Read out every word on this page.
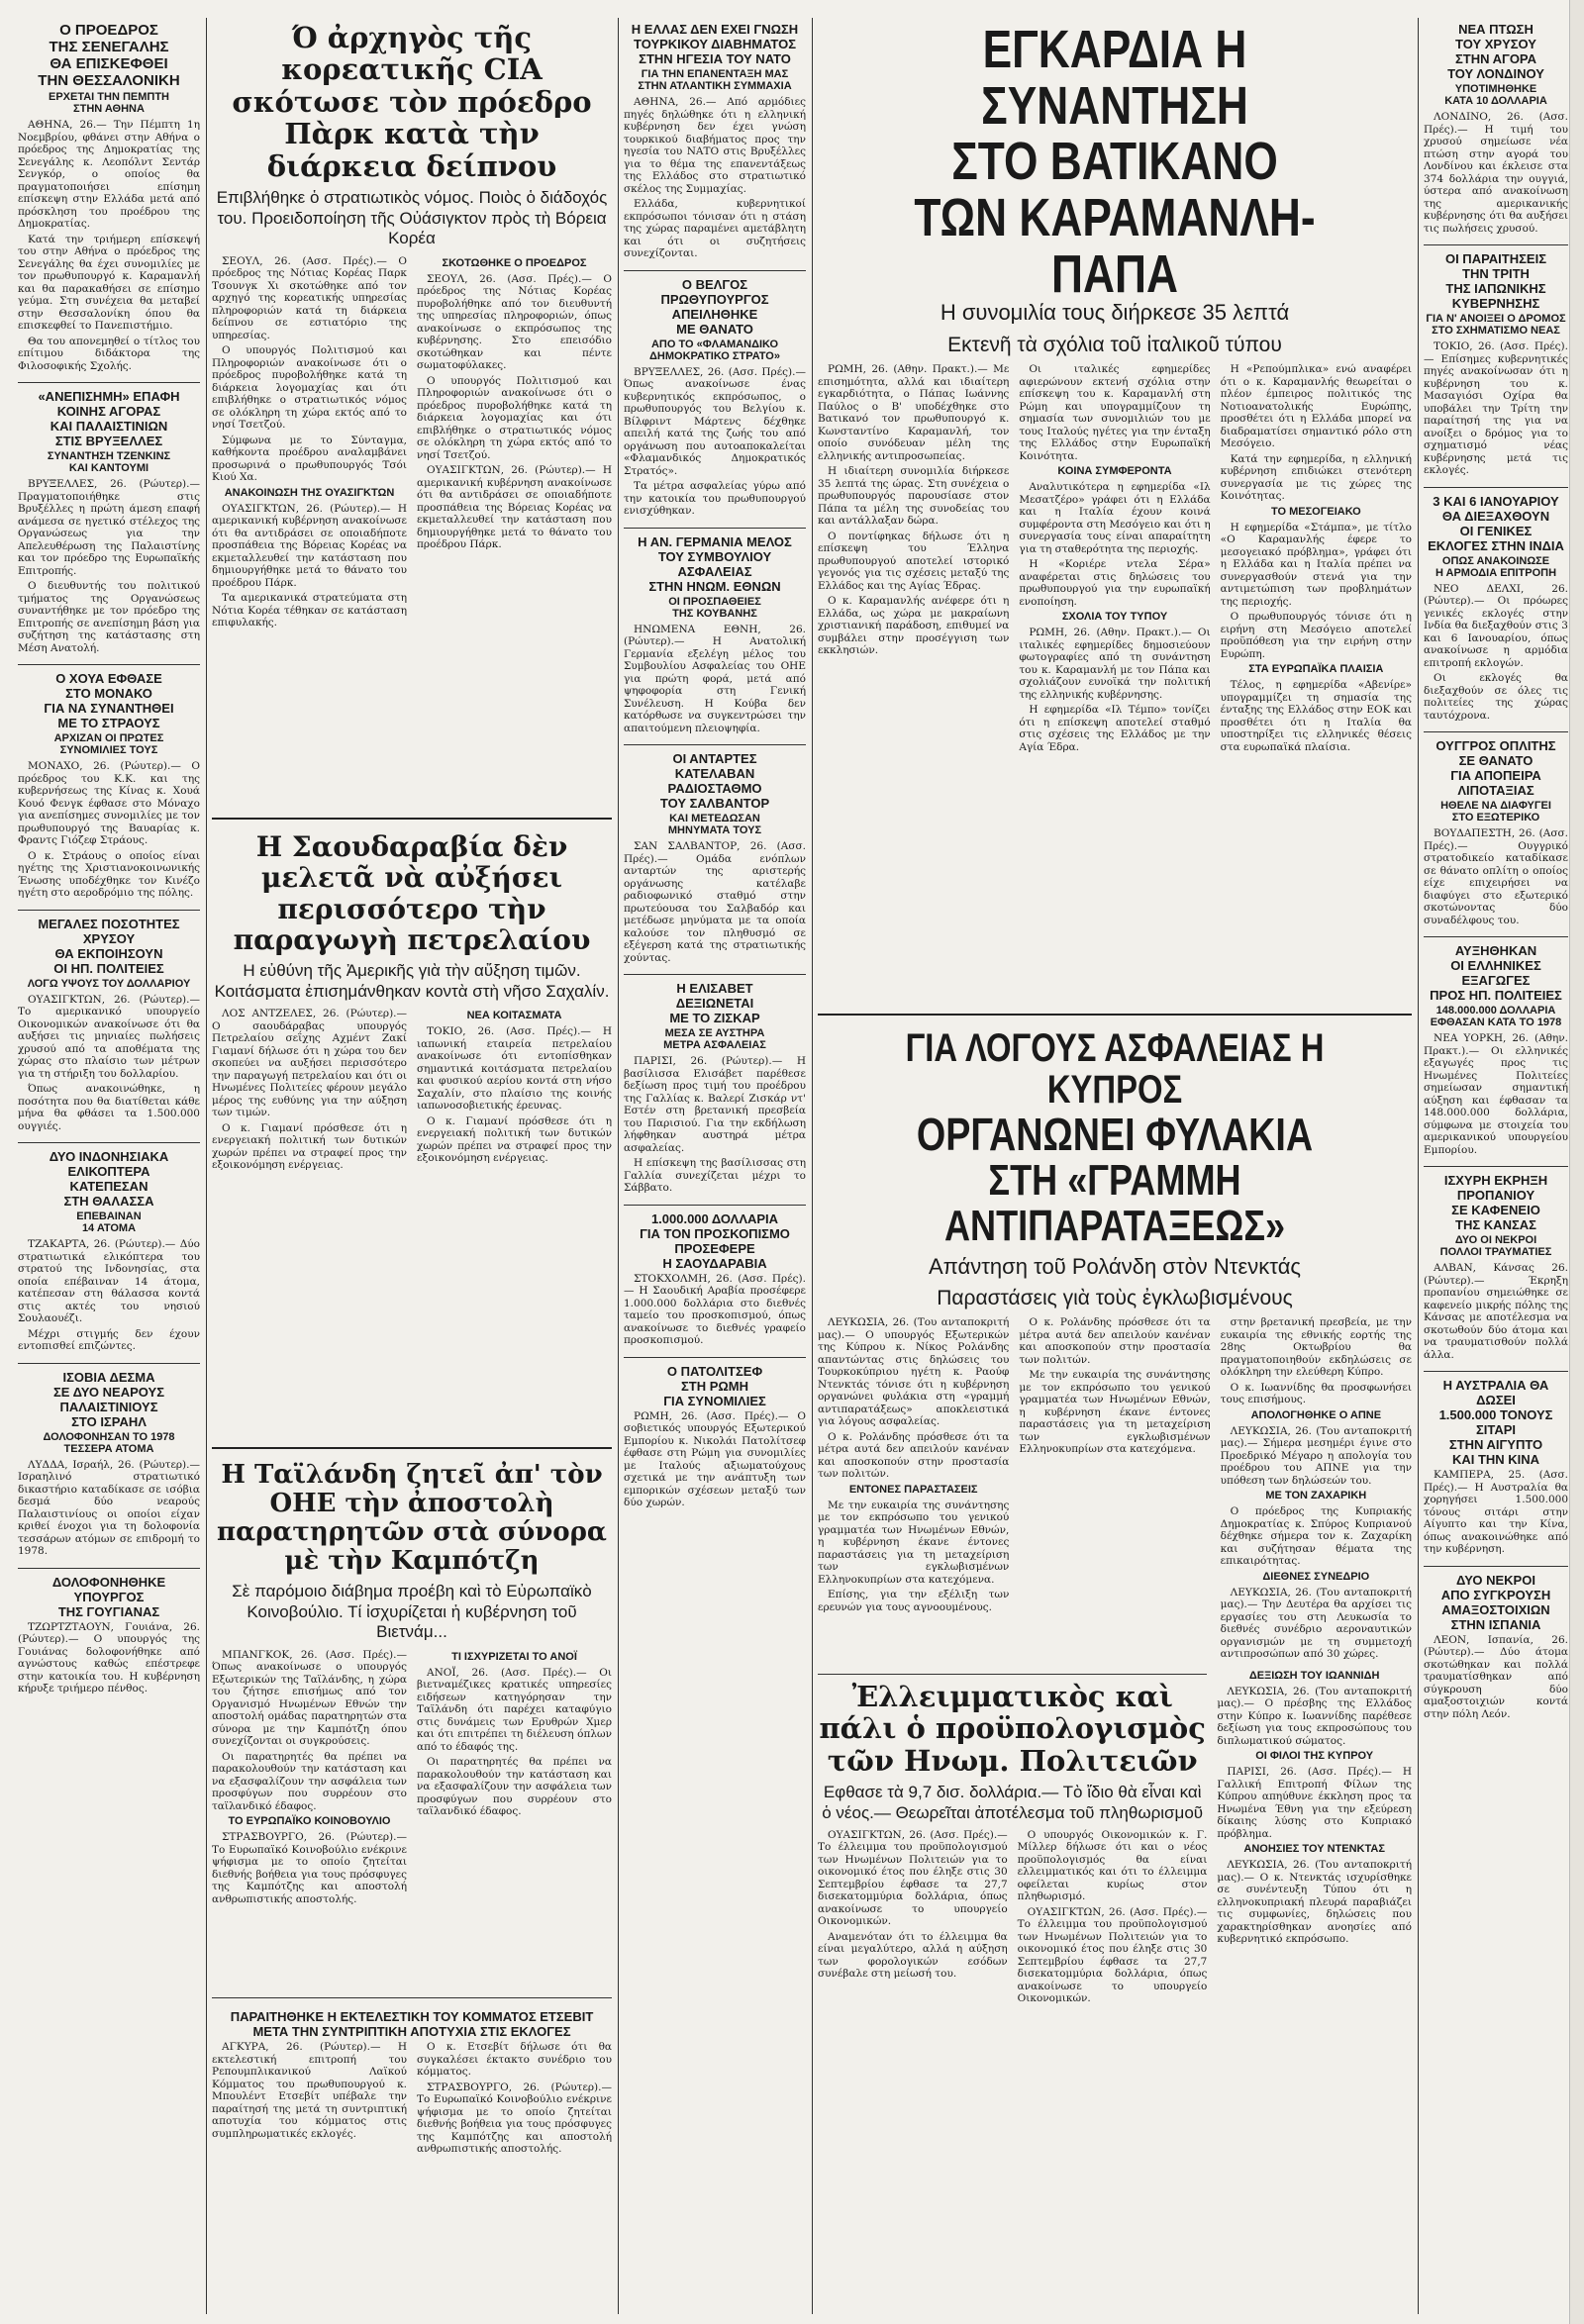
Ο ΠΡΟΕΔΡΟΣ
ΤΗΣ ΣΕΝΕΓΑΛΗΣ
ΘΑ ΕΠΙΣΚΕΦΘΕΙ
ΤΗΝ ΘΕΣΣΑΛΟΝΙΚΗ
ΕΡΧΕΤΑΙ ΤΗΝ ΠΕΜΠΤΗ
ΣΤΗΝ ΑΘΗΝΑ

ΑΘΗΝΑ, 26.— Την Πέμπτη 1η Νοεμβρίου, φθάνει στην Αθήνα ο πρόεδρος της Δημοκρατίας της Σενεγάλης κ. Λεοπόλντ Σεντάρ Σενγκόρ, ο οποίος θα πραγματοποιήσει επίσημη επίσκεψη στην Ελλάδα μετά από πρόσκληση του προέδρου της Δημοκρατίας.

Κατά την τριήμερη επίσκεψή του στην Αθήνα ο πρόεδρος της Σενεγάλης θα έχει συνομιλίες με τον πρωθυπουργό κ. Καραμανλή και θα παρακαθήσει σε επίσημο γεύμα. Στη συνέχεια θα μεταβεί στην Θεσσαλονίκη όπου θα επισκεφθεί το Πανεπιστήμιο.

Θα του απονεμηθεί ο τίτλος του επίτιμου διδάκτορα της Φιλοσοφικής Σχολής.

«ΑΝΕΠΙΣΗΜΗ» ΕΠΑΦΗ
ΚΟΙΝΗΣ ΑΓΟΡΑΣ
ΚΑΙ ΠΑΛΑΙΣΤΙΝΙΩΝ
ΣΤΙΣ ΒΡΥΞΕΛΛΕΣ
ΣΥΝΑΝΤΗΣΗ ΤΖΕΝΚΙΝΣ
ΚΑΙ ΚΑΝΤΟΥΜΙ

ΒΡΥΞΕΛΛΕΣ, 26. (Ρώυτερ).— Πραγματοποιήθηκε στις Βρυξέλλες η πρώτη άμεση επαφή ανάμεσα σε ηγετικό στέλεχος της Οργανώσεως για την Απελευθέρωση της Παλαιστίνης και τον πρόεδρο της Ευρωπαϊκής Επιτροπής.

Ο διευθυντής του πολιτικού τμήματος της Οργανώσεως συναντήθηκε με τον πρόεδρο της Επιτροπής σε ανεπίσημη βάση για συζήτηση της κατάστασης στη Μέση Ανατολή.

Ο ΧΟΥΑ ΕΦΘΑΣΕ
ΣΤΟ ΜΟΝΑΚΟ
ΓΙΑ ΝΑ ΣΥΝΑΝΤΗΘΕΙ
ΜΕ ΤΟ ΣΤΡΑΟΥΣ
ΑΡΧΙΖΑΝ ΟΙ ΠΡΩΤΕΣ
ΣΥΝΟΜΙΛΙΕΣ ΤΟΥΣ

ΜΟΝΑΧΟ, 26. (Ρώυτερ).— Ο πρόεδρος του Κ.Κ. και της κυβερνήσεως της Κίνας κ. Χουά Κουό Φενγκ έφθασε στο Μόναχο για ανεπίσημες συνομιλίες με τον πρωθυπουργό της Βαυαρίας κ. Φραντς Γιόζεφ Στράους.

Ο κ. Στράους ο οποίος είναι ηγέτης της Χριστιανοκοινωνικής Ένωσης υποδέχθηκε τον Κινέζο ηγέτη στο αεροδρόμιο της πόλης.

ΜΕΓΑΛΕΣ ΠΟΣΟΤΗΤΕΣ
ΧΡΥΣΟΥ
ΘΑ ΕΚΠΟΙΗΣΟΥΝ
ΟΙ ΗΠ. ΠΟΛΙΤΕΙΕΣ
ΛΟΓΩ ΥΨΟΥΣ ΤΟΥ ΔΟΛΛΑΡΙΟΥ

ΟΥΑΣΙΓΚΤΩΝ, 26. (Ρώυτερ).— Το αμερικανικό υπουργείο Οικονομικών ανακοίνωσε ότι θα αυξήσει τις μηνιαίες πωλήσεις χρυσού από τα αποθέματα της χώρας στο πλαίσιο των μέτρων για τη στήριξη του δολλαρίου.

Όπως ανακοινώθηκε, η ποσότητα που θα διατίθεται κάθε μήνα θα φθάσει τα 1.500.000 ουγγιές.

ΔΥΟ ΙΝΔΟΝΗΣΙΑΚΑ
ΕΛΙΚΟΠΤΕΡΑ
ΚΑΤΕΠΕΣΑΝ
ΣΤΗ ΘΑΛΑΣΣΑ
ΕΠΕΒΑΙΝΑΝ
14 ΑΤΟΜΑ

ΤΖΑΚΑΡΤΑ, 26. (Ρώυτερ).— Δύο στρατιωτικά ελικόπτερα του στρατού της Ινδονησίας, στα οποία επέβαιναν 14 άτομα, κατέπεσαν στη θάλασσα κοντά στις ακτές του νησιού Σουλαουέζι.

Μέχρι στιγμής δεν έχουν εντοπισθεί επιζώντες.

ΙΣΟΒΙΑ ΔΕΣΜΑ
ΣΕ ΔΥΟ ΝΕΑΡΟΥΣ
ΠΑΛΑΙΣΤΙΝΙΟΥΣ
ΣΤΟ ΙΣΡΑΗΛ
ΔΟΛΟΦΟΝΗΣΑΝ ΤΟ 1978
ΤΕΣΣΕΡΑ ΑΤΟΜΑ

ΛΥΔΔΑ, Ισραήλ, 26. (Ρώυτερ).— Ισραηλινό στρατιωτικό δικαστήριο καταδίκασε σε ισόβια δεσμά δύο νεαρούς Παλαιστινίους οι οποίοι είχαν κριθεί ένοχοι για τη δολοφονία τεσσάρων ατόμων σε επιδρομή το 1978.

ΔΟΛΟΦΟΝΗΘΗΚΕ
ΥΠΟΥΡΓΟΣ
ΤΗΣ ΓΟΥΓΙΑΝΑΣ

ΤΖΩΡΤΖΤΑΟΥΝ, Γουιάνα, 26. (Ρώυτερ).— Ο υπουργός της Γουιάνας δολοφονήθηκε από αγνώστους καθώς επέστρεφε στην κατοικία του. Η κυβέρνηση κήρυξε τριήμερο πένθος.

Ό ἀρχηγὸς τῆς κορεατικῆς CIA σκότωσε τὸν πρόεδρο Πὰρκ κατὰ τὴν διάρκεια δείπνου
Επιβλήθηκε ὁ στρατιωτικὸς νόμος. Ποιὸς ὁ διάδοχός του. Προειδοποίηση τῆς Οὐάσιγκτον πρὸς τὴ Βόρεια Κορέα

ΣΕΟΥΛ, 26. (Ασσ. Πρές).— Ο πρόεδρος της Νότιας Κορέας Παρκ Τσουνγκ Χι σκοτώθηκε από τον αρχηγό της κορεατικής υπηρεσίας πληροφοριών κατά τη διάρκεια δείπνου σε εστιατόριο της υπηρεσίας.

Ο υπουργός Πολιτισμού και Πληροφοριών ανακοίνωσε ότι ο πρόεδρος πυροβολήθηκε κατά τη διάρκεια λογομαχίας και ότι επιβλήθηκε ο στρατιωτικός νόμος σε ολόκληρη τη χώρα εκτός από το νησί Τσετζού.

Σύμφωνα με το Σύνταγμα, καθήκοντα προέδρου αναλαμβάνει προσωρινά ο πρωθυπουργός Τσόι Κιού Χα.

ΑΝΑΚΟΙΝΩΣΗ ΤΗΣ ΟΥΑΣΙΓΚΤΩΝ

ΟΥΑΣΙΓΚΤΩΝ, 26. (Ρώυτερ).— Η αμερικανική κυβέρνηση ανακοίνωσε ότι θα αντιδράσει σε οποιαδήποτε προσπάθεια της Βόρειας Κορέας να εκμεταλλευθεί την κατάσταση που δημιουργήθηκε μετά το θάνατο του προέδρου Πάρκ.

Τα αμερικανικά στρατεύματα στη Νότια Κορέα τέθηκαν σε κατάσταση επιφυλακής.

ΣΚΟΤΩΘΗΚΕ Ο ΠΡΟΕΔΡΟΣ

ΣΕΟΥΛ, 26. (Ασσ. Πρές).— Ο πρόεδρος της Νότιας Κορέας πυροβολήθηκε από τον διευθυντή της υπηρεσίας πληροφοριών, όπως ανακοίνωσε ο εκπρόσωπος της κυβέρνησης. Στο επεισόδιο σκοτώθηκαν και πέντε σωματοφύλακες.

Ο υπουργός Πολιτισμού και Πληροφοριών ανακοίνωσε ότι ο πρόεδρος πυροβολήθηκε κατά τη διάρκεια λογομαχίας και ότι επιβλήθηκε ο στρατιωτικός νόμος σε ολόκληρη τη χώρα εκτός από το νησί Τσετζού.

ΟΥΑΣΙΓΚΤΩΝ, 26. (Ρώυτερ).— Η αμερικανική κυβέρνηση ανακοίνωσε ότι θα αντιδράσει σε οποιαδήποτε προσπάθεια της Βόρειας Κορέας να εκμεταλλευθεί την κατάσταση που δημιουργήθηκε μετά το θάνατο του προέδρου Πάρκ.

Η Σαουδαραβία δὲν μελετᾶ νὰ αὐξήσει περισσότερο τὴν παραγωγὴ πετρελαίου
Η εὐθύνη τῆς Ἀμερικῆς γιὰ τὴν αὔξηση τιμῶν. Κοιτάσματα ἐπισημάνθηκαν κοντὰ στὴ νῆσο Σαχαλίν.

ΛΟΣ ΑΝΤΖΕΛΕΣ, 26. (Ρώυτερ).— Ο σαουδάραβας υπουργός Πετρελαίου σεΐχης Αχμέντ Ζακί Γιαμανί δήλωσε ότι η χώρα του δεν σκοπεύει να αυξήσει περισσότερο την παραγωγή πετρελαίου και ότι οι Ηνωμένες Πολιτείες φέρουν μεγάλο μέρος της ευθύνης για την αύξηση των τιμών.

Ο κ. Γιαμανί πρόσθεσε ότι η ενεργειακή πολιτική των δυτικών χωρών πρέπει να στραφεί προς την εξοικονόμηση ενέργειας.

ΝΕΑ ΚΟΙΤΑΣΜΑΤΑ

ΤΟΚΙΟ, 26. (Ασσ. Πρές).— Η ιαπωνική εταιρεία πετρελαίου ανακοίνωσε ότι εντοπίσθηκαν σημαντικά κοιτάσματα πετρελαίου και φυσικού αερίου κοντά στη νήσο Σαχαλίν, στο πλαίσιο της κοινής ιαπωνοσοβιετικής έρευνας.

Ο κ. Γιαμανί πρόσθεσε ότι η ενεργειακή πολιτική των δυτικών χωρών πρέπει να στραφεί προς την εξοικονόμηση ενέργειας.

Η Ταϊλάνδη ζητεῖ ἀπ' τὸν ΟΗΕ τὴν ἀποστολὴ παρατηρητῶν στὰ σύνορα μὲ τὴν Καμπότζη
Σὲ παρόμοιο διάβημα προέβη καὶ τὸ Εὐρωπαϊκὸ Κοινοβούλιο. Τί ἰσχυρίζεται ἡ κυβέρνηση τοῦ Βιετνάμ...

ΜΠΑΝΓΚΟΚ, 26. (Ασσ. Πρές).— Όπως ανακοίνωσε ο υπουργός Εξωτερικών της Ταϊλάνδης, η χώρα του ζήτησε επισήμως από τον Οργανισμό Ηνωμένων Εθνών την αποστολή ομάδας παρατηρητών στα σύνορα με την Καμπότζη όπου συνεχίζονται οι συγκρούσεις.

Οι παρατηρητές θα πρέπει να παρακολουθούν την κατάσταση και να εξασφαλίζουν την ασφάλεια των προσφύγων που συρρέουν στο ταϊλανδικό έδαφος.

ΤΟ ΕΥΡΩΠΑΪΚΟ ΚΟΙΝΟΒΟΥΛΙΟ

ΣΤΡΑΣΒΟΥΡΓΟ, 26. (Ρώυτερ).— Το Ευρωπαϊκό Κοινοβούλιο ενέκρινε ψήφισμα με το οποίο ζητείται διεθνής βοήθεια για τους πρόσφυγες της Καμπότζης και αποστολή ανθρωπιστικής αποστολής.

ΤΙ ΙΣΧΥΡΙΖΕΤΑΙ ΤΟ ΑΝΟΪ

ΑΝΟΪ, 26. (Ασσ. Πρές).— Οι βιετναμέζικες κρατικές υπηρεσίες ειδήσεων κατηγόρησαν την Ταϊλάνδη ότι παρέχει καταφύγιο στις δυνάμεις των Ερυθρών Χμερ και ότι επιτρέπει τη διέλευση όπλων από το έδαφός της.

Οι παρατηρητές θα πρέπει να παρακολουθούν την κατάσταση και να εξασφαλίζουν την ασφάλεια των προσφύγων που συρρέουν στο ταϊλανδικό έδαφος.

ΠΑΡΑΙΤΗΘΗΚΕ Η ΕΚΤΕΛΕΣΤΙΚΗ ΤΟΥ ΚΟΜΜΑΤΟΣ ΕΤΣΕΒΙΤ
ΜΕΤΑ ΤΗΝ ΣΥΝΤΡΙΠΤΙΚΗ ΑΠΟΤΥΧΙΑ ΣΤΙΣ ΕΚΛΟΓΕΣ

ΑΓΚΥΡΑ, 26. (Ρώυτερ).— Η εκτελεστική επιτροπή του Ρεπουμπλικανικού Λαϊκού Κόμματος του πρωθυπουργού κ. Μπουλέντ Ετσεβίτ υπέβαλε την παραίτησή της μετά τη συντριπτική αποτυχία του κόμματος στις συμπληρωματικές εκλογές.

Ο κ. Ετσεβίτ δήλωσε ότι θα συγκαλέσει έκτακτο συνέδριο του κόμματος.

ΣΤΡΑΣΒΟΥΡΓΟ, 26. (Ρώυτερ).— Το Ευρωπαϊκό Κοινοβούλιο ενέκρινε ψήφισμα με το οποίο ζητείται διεθνής βοήθεια για τους πρόσφυγες της Καμπότζης και αποστολή ανθρωπιστικής αποστολής.

Η ΕΛΛΑΣ ΔΕΝ ΕΧΕΙ ΓΝΩΣΗ
ΤΟΥΡΚΙΚΟΥ ΔΙΑΒΗΜΑΤΟΣ
ΣΤΗΝ ΗΓΕΣΙΑ ΤΟΥ ΝΑΤΟ
ΓΙΑ ΤΗΝ ΕΠΑΝΕΝΤΑΞΗ ΜΑΣ
ΣΤΗΝ ΑΤΛΑΝΤΙΚΗ ΣΥΜΜΑΧΙΑ

ΑΘΗΝΑ, 26.— Από αρμόδιες πηγές δηλώθηκε ότι η ελληνική κυβέρνηση δεν έχει γνώση τουρκικού διαβήματος προς την ηγεσία του ΝΑΤΟ στις Βρυξέλλες για το θέμα της επανεντάξεως της Ελλάδος στο στρατιωτικό σκέλος της Συμμαχίας.

Ελλάδα, κυβερνητικοί εκπρόσωποι τόνισαν ότι η στάση της χώρας παραμένει αμετάβλητη και ότι οι συζητήσεις συνεχίζονται.

Ο ΒΕΛΓΟΣ
ΠΡΩΘΥΠΟΥΡΓΟΣ
ΑΠΕΙΛΗΘΗΚΕ
ΜΕ ΘΑΝΑΤΟ
ΑΠΟ ΤΟ «ΦΛΑΜΑΝΔΙΚΟ
ΔΗΜΟΚΡΑΤΙΚΟ ΣΤΡΑΤΟ»

ΒΡΥΞΕΛΛΕΣ, 26. (Ασσ. Πρές).— Όπως ανακοίνωσε ένας κυβερνητικός εκπρόσωπος, ο πρωθυπουργός του Βελγίου κ. Βίλφριντ Μάρτενς δέχθηκε απειλή κατά της ζωής του από οργάνωση που αυτοαποκαλείται «Φλαμανδικός Δημοκρατικός Στρατός».

Τα μέτρα ασφαλείας γύρω από την κατοικία του πρωθυπουργού ενισχύθηκαν.

Η ΑΝ. ΓΕΡΜΑΝΙΑ ΜΕΛΟΣ
ΤΟΥ ΣΥΜΒΟΥΛΙΟΥ
ΑΣΦΑΛΕΙΑΣ
ΣΤΗΝ ΗΝΩΜ. ΕΘΝΩΝ
ΟΙ ΠΡΟΣΠΑΘΕΙΕΣ
ΤΗΣ ΚΟΥΒΑΝΗΣ

ΗΝΩΜΕΝΑ ΕΘΝΗ, 26. (Ρώυτερ).— Η Ανατολική Γερμανία εξελέγη μέλος του Συμβουλίου Ασφαλείας του ΟΗΕ για πρώτη φορά, μετά από ψηφοφορία στη Γενική Συνέλευση. Η Κούβα δεν κατόρθωσε να συγκεντρώσει την απαιτούμενη πλειοψηφία.

ΟΙ ΑΝΤΑΡΤΕΣ
ΚΑΤΕΛΑΒΑΝ
ΡΑΔΙΟΣΤΑΘΜΟ
ΤΟΥ ΣΑΛΒΑΝΤΟΡ
ΚΑΙ ΜΕΤΕΔΩΣΑΝ
ΜΗΝΥΜΑΤΑ ΤΟΥΣ

ΣΑΝ ΣΑΛΒΑΝΤΟΡ, 26. (Ασσ. Πρές).— Ομάδα ενόπλων ανταρτών της αριστερής οργάνωσης κατέλαβε ραδιοφωνικό σταθμό στην πρωτεύουσα του Σαλβαδόρ και μετέδωσε μηνύματα με τα οποία καλούσε τον πληθυσμό σε εξέγερση κατά της στρατιωτικής χούντας.

Η ΕΛΙΣΑΒΕΤ
ΔΕΞΙΩΝΕΤΑΙ
ΜΕ ΤΟ ΖΙΣΚΑΡ
ΜΕΣΑ ΣΕ ΑΥΣΤΗΡΑ
ΜΕΤΡΑ ΑΣΦΑΛΕΙΑΣ

ΠΑΡΙΣΙ, 26. (Ρώυτερ).— Η βασίλισσα Ελισάβετ παρέθεσε δεξίωση προς τιμή του προέδρου της Γαλλίας κ. Βαλερί Ζισκάρ ντ' Εστέν στη βρετανική πρεσβεία του Παρισιού. Για την εκδήλωση λήφθηκαν αυστηρά μέτρα ασφαλείας.

Η επίσκεψη της βασίλισσας στη Γαλλία συνεχίζεται μέχρι το Σάββατο.

1.000.000 ΔΟΛΛΑΡΙΑ
ΓΙΑ ΤΟΝ ΠΡΟΣΚΟΠΙΣΜΟ
ΠΡΟΣΕΦΕΡΕ
Η ΣΑΟΥΔΑΡΑΒΙΑ

ΣΤΟΚΧΟΛΜΗ, 26. (Ασσ. Πρές).— Η Σαουδική Αραβία προσέφερε 1.000.000 δολλάρια στο διεθνές ταμείο του προσκοπισμού, όπως ανακοίνωσε το διεθνές γραφείο προσκοπισμού.

Ο ΠΑΤΟΛΙΤΣΕΦ
ΣΤΗ ΡΩΜΗ
ΓΙΑ ΣΥΝΟΜΙΛΙΕΣ

ΡΩΜΗ, 26. (Ασσ. Πρές).— Ο σοβιετικός υπουργός Εξωτερικού Εμπορίου κ. Νικολάι Πατολίτσεφ έφθασε στη Ρώμη για συνομιλίες με Ιταλούς αξιωματούχους σχετικά με την ανάπτυξη των εμπορικών σχέσεων μεταξύ των δύο χωρών.

ΕΓΚΑΡΔΙΑ Η ΣΥΝΑΝΤΗΣΗ
ΣΤΟ ΒΑΤΙΚΑΝΟ
ΤΩΝ ΚΑΡΑΜΑΝΛΗ-ΠΑΠΑ
Η συνομιλία τους διήρκεσε 35 λεπτά
Εκτενῆ τὰ σχόλια τοῦ ἰταλικοῦ τύπου

ΡΩΜΗ, 26. (Αθην. Πρακτ.).— Με επισημότητα, αλλά και ιδιαίτερη εγκαρδιότητα, ο Πάπας Ιωάννης Παύλος ο Β' υποδέχθηκε στο Βατικανό τον πρωθυπουργό κ. Κωνσταντίνο Καραμανλή, τον οποίο συνόδευαν μέλη της ελληνικής αντιπροσωπείας.

Η ιδιαίτερη συνομιλία διήρκεσε 35 λεπτά της ώρας. Στη συνέχεια ο πρωθυπουργός παρουσίασε στον Πάπα τα μέλη της συνοδείας του και αντάλλαξαν δώρα.

Ο ποντίφηκας δήλωσε ότι η επίσκεψη του Έλληνα πρωθυπουργού αποτελεί ιστορικό γεγονός για τις σχέσεις μεταξύ της Ελλάδος και της Αγίας Έδρας.

Ο κ. Καραμανλής ανέφερε ότι η Ελλάδα, ως χώρα με μακραίωνη χριστιανική παράδοση, επιθυμεί να συμβάλει στην προσέγγιση των εκκλησιών.

Οι ιταλικές εφημερίδες αφιερώνουν εκτενή σχόλια στην επίσκεψη του κ. Καραμανλή στη Ρώμη και υπογραμμίζουν τη σημασία των συνομιλιών του με τους Ιταλούς ηγέτες για την ένταξη της Ελλάδος στην Ευρωπαϊκή Κοινότητα.

ΚΟΙΝΑ ΣΥΜΦΕΡΟΝΤΑ

Αναλυτικότερα η εφημερίδα «Ιλ Μεσατζέρο» γράφει ότι η Ελλάδα και η Ιταλία έχουν κοινά συμφέροντα στη Μεσόγειο και ότι η συνεργασία τους είναι απαραίτητη για τη σταθερότητα της περιοχής.

Η «Κοριέρε ντελα Σέρα» αναφέρεται στις δηλώσεις του πρωθυπουργού για την ευρωπαϊκή ενοποίηση.

ΣΧΟΛΙΑ ΤΟΥ ΤΥΠΟΥ

ΡΩΜΗ, 26. (Αθην. Πρακτ.).— Οι ιταλικές εφημερίδες δημοσιεύουν φωτογραφίες από τη συνάντηση του κ. Καραμανλή με τον Πάπα και σχολιάζουν ευνοϊκά την πολιτική της ελληνικής κυβέρνησης.

Η εφημερίδα «Ιλ Τέμπο» τονίζει ότι η επίσκεψη αποτελεί σταθμό στις σχέσεις της Ελλάδος με την Αγία Έδρα.

Η «Ρεπούμπλικα» ενώ αναφέρει ότι ο κ. Καραμανλής θεωρείται ο πλέον έμπειρος πολιτικός της Νοτιοανατολικής Ευρώπης, προσθέτει ότι η Ελλάδα μπορεί να διαδραματίσει σημαντικό ρόλο στη Μεσόγειο.

Κατά την εφημερίδα, η ελληνική κυβέρνηση επιδιώκει στενότερη συνεργασία με τις χώρες της Κοινότητας.

ΤΟ ΜΕΣΟΓΕΙΑΚΟ

Η εφημερίδα «Στάμπα», με τίτλο «Ο Καραμανλής έφερε το μεσογειακό πρόβλημα», γράφει ότι η Ελλάδα και η Ιταλία πρέπει να συνεργασθούν στενά για την αντιμετώπιση των προβλημάτων της περιοχής.

Ο πρωθυπουργός τόνισε ότι η ειρήνη στη Μεσόγειο αποτελεί προϋπόθεση για την ειρήνη στην Ευρώπη.

ΣΤΑ ΕΥΡΩΠΑΪΚΑ ΠΛΑΙΣΙΑ

Τέλος, η εφημερίδα «Αβενίρε» υπογραμμίζει τη σημασία της ένταξης της Ελλάδος στην ΕΟΚ και προσθέτει ότι η Ιταλία θα υποστηρίξει τις ελληνικές θέσεις στα ευρωπαϊκά πλαίσια.

ΓΙΑ ΛΟΓΟΥΣ ΑΣΦΑΛΕΙΑΣ Η ΚΥΠΡΟΣ
ΟΡΓΑΝΩΝΕΙ ΦΥΛΑΚΙΑ
ΣΤΗ «ΓΡΑΜΜΗ ΑΝΤΙΠΑΡΑΤΑΞΕΩΣ»
Απάντηση τοῦ Ρολάνδη στὸν Ντενκτάς
Παραστάσεις γιὰ τοὺς ἐγκλωβισμένους

ΛΕΥΚΩΣΙΑ, 26. (Του ανταποκριτή μας).— Ο υπουργός Εξωτερικών της Κύπρου κ. Νίκος Ρολάνδης απαντώντας στις δηλώσεις του Τουρκοκύπριου ηγέτη κ. Ραούφ Ντενκτάς τόνισε ότι η κυβέρνηση οργανώνει φυλάκια στη «γραμμή αντιπαρατάξεως» αποκλειστικά για λόγους ασφαλείας.

Ο κ. Ρολάνδης πρόσθεσε ότι τα μέτρα αυτά δεν απειλούν κανέναν και αποσκοπούν στην προστασία των πολιτών.

ΕΝΤΟΝΕΣ ΠΑΡΑΣΤΑΣΕΙΣ

Με την ευκαιρία της συνάντησης με τον εκπρόσωπο του γενικού γραμματέα των Ηνωμένων Εθνών, η κυβέρνηση έκανε έντονες παραστάσεις για τη μεταχείριση των εγκλωβισμένων Ελληνοκυπρίων στα κατεχόμενα.

Επίσης, για την εξέλιξη των ερευνών για τους αγνοουμένους.

Ο κ. Ρολάνδης πρόσθεσε ότι τα μέτρα αυτά δεν απειλούν κανέναν και αποσκοπούν στην προστασία των πολιτών.

Με την ευκαιρία της συνάντησης με τον εκπρόσωπο του γενικού γραμματέα των Ηνωμένων Εθνών, η κυβέρνηση έκανε έντονες παραστάσεις για τη μεταχείριση των εγκλωβισμένων Ελληνοκυπρίων στα κατεχόμενα.

στην βρετανική πρεσβεία, με την ευκαιρία της εθνικής εορτής της 28ης Οκτωβρίου θα πραγματοποιηθούν εκδηλώσεις σε ολόκληρη την ελεύθερη Κύπρο.

Ο κ. Ιωαννίδης θα προσφωνήσει τους επισήμους.

ΑΠΟΛΟΓΗΘΗΚΕ Ο ΑΠΝΕ

ΛΕΥΚΩΣΙΑ, 26. (Του ανταποκριτή μας).— Σήμερα μεσημέρι έγινε στο Προεδρικό Μέγαρο η απολογία του προέδρου του ΑΠΝΕ για την υπόθεση των δηλώσεών του.

ΜΕ ΤΟΝ ΖΑΧΑΡΙΚΗ

Ο πρόεδρος της Κυπριακής Δημοκρατίας κ. Σπύρος Κυπριανού δέχθηκε σήμερα τον κ. Ζαχαρίκη και συζήτησαν θέματα της επικαιρότητας.

ΔΙΕΘΝΕΣ ΣΥΝΕΔΡΙΟ

ΛΕΥΚΩΣΙΑ, 26. (Του ανταποκριτή μας).— Την Δευτέρα θα αρχίσει τις εργασίες του στη Λευκωσία το διεθνές συνέδριο αεροναυτικών οργανισμών με τη συμμετοχή αντιπροσώπων από 30 χώρες.

Ἐλλειμματικὸς καὶ πάλι ὁ προϋπολογισμὸς τῶν Ηνωμ. Πολιτειῶν
Εφθασε τὰ 9,7 δισ. δολλάρια.— Τὸ ἴδιο θὰ εἶναι καὶ ὁ νέος.— Θεωρεῖται ἀποτέλεσμα τοῦ πληθωρισμοῦ

ΟΥΑΣΙΓΚΤΩΝ, 26. (Ασσ. Πρές).— Το έλλειμμα του προϋπολογισμού των Ηνωμένων Πολιτειών για το οικονομικό έτος που έληξε στις 30 Σεπτεμβρίου έφθασε τα 27,7 δισεκατομμύρια δολλάρια, όπως ανακοίνωσε το υπουργείο Οικονομικών.

Αναμενόταν ότι το έλλειμμα θα είναι μεγαλύτερο, αλλά η αύξηση των φορολογικών εσόδων συνέβαλε στη μείωσή του.

Ο υπουργός Οικονομικών κ. Γ. Μίλλερ δήλωσε ότι και ο νέος προϋπολογισμός θα είναι ελλειμματικός και ότι το έλλειμμα οφείλεται κυρίως στον πληθωρισμό.

ΟΥΑΣΙΓΚΤΩΝ, 26. (Ασσ. Πρές).— Το έλλειμμα του προϋπολογισμού των Ηνωμένων Πολιτειών για το οικονομικό έτος που έληξε στις 30 Σεπτεμβρίου έφθασε τα 27,7 δισεκατομμύρια δολλάρια, όπως ανακοίνωσε το υπουργείο Οικονομικών.

ΔΕΞΙΩΣΗ ΤΟΥ ΙΩΑΝΝΙΔΗ

ΛΕΥΚΩΣΙΑ, 26. (Του ανταποκριτή μας).— Ο πρέσβης της Ελλάδος στην Κύπρο κ. Ιωαννίδης παρέθεσε δεξίωση για τους εκπροσώπους του διπλωματικού σώματος.

ΟΙ ΦΙΛΟΙ ΤΗΣ ΚΥΠΡΟΥ

ΠΑΡΙΣΙ, 26. (Ασσ. Πρές).— Η Γαλλική Επιτροπή Φίλων της Κύπρου απηύθυνε έκκληση προς τα Ηνωμένα Έθνη για την εξεύρεση δίκαιης λύσης στο Κυπριακό πρόβλημα.

ΑΝΟΗΣΙΕΣ ΤΟΥ ΝΤΕΝΚΤΑΣ

ΛΕΥΚΩΣΙΑ, 26. (Του ανταποκριτή μας).— Ο κ. Ντενκτάς ισχυρίσθηκε σε συνέντευξη Τύπου ότι η ελληνοκυπριακή πλευρά παραβιάζει τις συμφωνίες, δηλώσεις που χαρακτηρίσθηκαν ανοησίες από κυβερνητικό εκπρόσωπο.

ΝΕΑ ΠΤΩΣΗ
ΤΟΥ ΧΡΥΣΟΥ
ΣΤΗΝ ΑΓΟΡΑ
ΤΟΥ ΛΟΝΔΙΝΟΥ
ΥΠΟΤΙΜΗΘΗΚΕ
ΚΑΤΑ 10 ΔΟΛΛΑΡΙΑ

ΛΟΝΔΙΝΟ, 26. (Ασσ. Πρές).— Η τιμή του χρυσού σημείωσε νέα πτώση στην αγορά του Λονδίνου και έκλεισε στα 374 δολλάρια την ουγγιά, ύστερα από ανακοίνωση της αμερικανικής κυβέρνησης ότι θα αυξήσει τις πωλήσεις χρυσού.

ΟΙ ΠΑΡΑΙΤΗΣΕΙΣ
ΤΗΝ ΤΡΙΤΗ
ΤΗΣ ΙΑΠΩΝΙΚΗΣ
ΚΥΒΕΡΝΗΣΗΣ
ΓΙΑ Ν' ΑΝΟΙΞΕΙ Ο ΔΡΟΜΟΣ
ΣΤΟ ΣΧΗΜΑΤΙΣΜΟ ΝΕΑΣ

ΤΟΚΙΟ, 26. (Ασσ. Πρές).— Επίσημες κυβερνητικές πηγές ανακοίνωσαν ότι η κυβέρνηση του κ. Μασαγιόσι Οχίρα θα υποβάλει την Τρίτη την παραίτησή της για να ανοίξει ο δρόμος για το σχηματισμό νέας κυβέρνησης μετά τις εκλογές.

3 ΚΑΙ 6 ΙΑΝΟΥΑΡΙΟΥ
ΘΑ ΔΙΕΞΑΧΘΟΥΝ
ΟΙ ΓΕΝΙΚΕΣ
ΕΚΛΟΓΕΣ ΣΤΗΝ ΙΝΔΙΑ
ΟΠΩΣ ΑΝΑΚΟΙΝΩΣΕ
Η ΑΡΜΟΔΙΑ ΕΠΙΤΡΟΠΗ

ΝΕΟ ΔΕΛΧΙ, 26. (Ρώυτερ).— Οι πρόωρες γενικές εκλογές στην Ινδία θα διεξαχθούν στις 3 και 6 Ιανουαρίου, όπως ανακοίνωσε η αρμόδια επιτροπή εκλογών.

Οι εκλογές θα διεξαχθούν σε όλες τις πολιτείες της χώρας ταυτόχρονα.

ΟΥΓΓΡΟΣ ΟΠΛΙΤΗΣ
ΣΕ ΘΑΝΑΤΟ
ΓΙΑ ΑΠΟΠΕΙΡΑ
ΛΙΠΟΤΑΞΙΑΣ
ΗΘΕΛΕ ΝΑ ΔΙΑΦΥΓΕΙ
ΣΤΟ ΕΞΩΤΕΡΙΚΟ

ΒΟΥΔΑΠΕΣΤΗ, 26. (Ασσ. Πρές).— Ουγγρικό στρατοδικείο καταδίκασε σε θάνατο οπλίτη ο οποίος είχε επιχειρήσει να διαφύγει στο εξωτερικό σκοτώνοντας δύο συναδέλφους του.

ΑΥΞΗΘΗΚΑΝ
ΟΙ ΕΛΛΗΝΙΚΕΣ
ΕΞΑΓΩΓΕΣ
ΠΡΟΣ ΗΠ. ΠΟΛΙΤΕΙΕΣ
148.000.000 ΔΟΛΛΑΡΙΑ
ΕΦΘΑΣΑΝ ΚΑΤΑ ΤΟ 1978

ΝΕΑ ΥΟΡΚΗ, 26. (Αθην. Πρακτ.).— Οι ελληνικές εξαγωγές προς τις Ηνωμένες Πολιτείες σημείωσαν σημαντική αύξηση και έφθασαν τα 148.000.000 δολλάρια, σύμφωνα με στοιχεία του αμερικανικού υπουργείου Εμπορίου.

ΙΣΧΥΡΗ ΕΚΡΗΞΗ
ΠΡΟΠΑΝΙΟΥ
ΣΕ ΚΑΦΕΝΕΙΟ
ΤΗΣ ΚΑΝΣΑΣ
ΔΥΟ ΟΙ ΝΕΚΡΟΙ
ΠΟΛΛΟΙ ΤΡΑΥΜΑΤΙΕΣ

ΑΛΒΑΝ, Κάνσας 26. (Ρώυτερ).— Έκρηξη προπανίου σημειώθηκε σε καφενείο μικρής πόλης της Κάνσας με αποτέλεσμα να σκοτωθούν δύο άτομα και να τραυματισθούν πολλά άλλα.

Η ΑΥΣΤΡΑΛΙΑ ΘΑ ΔΩΣΕΙ
1.500.000 ΤΟΝΟΥΣ ΣΙΤΑΡΙ
ΣΤΗΝ ΑΙΓΥΠΤΟ
ΚΑΙ ΤΗΝ ΚΙΝΑ

ΚΑΜΠΕΡΑ, 25. (Ασσ. Πρές).— Η Αυστραλία θα χορηγήσει 1.500.000 τόνους σιτάρι στην Αίγυπτο και την Κίνα, όπως ανακοινώθηκε από την κυβέρνηση.

ΔΥΟ ΝΕΚΡΟΙ
ΑΠΟ ΣΥΓΚΡΟΥΣΗ
ΑΜΑΞΟΣΤΟΙΧΙΩΝ
ΣΤΗΝ ΙΣΠΑΝΙΑ

ΛΕΟΝ, Ισπανία, 26. (Ρώυτερ).— Δύο άτομα σκοτώθηκαν και πολλά τραυματίσθηκαν από σύγκρουση δύο αμαξοστοιχιών κοντά στην πόλη Λεόν.
